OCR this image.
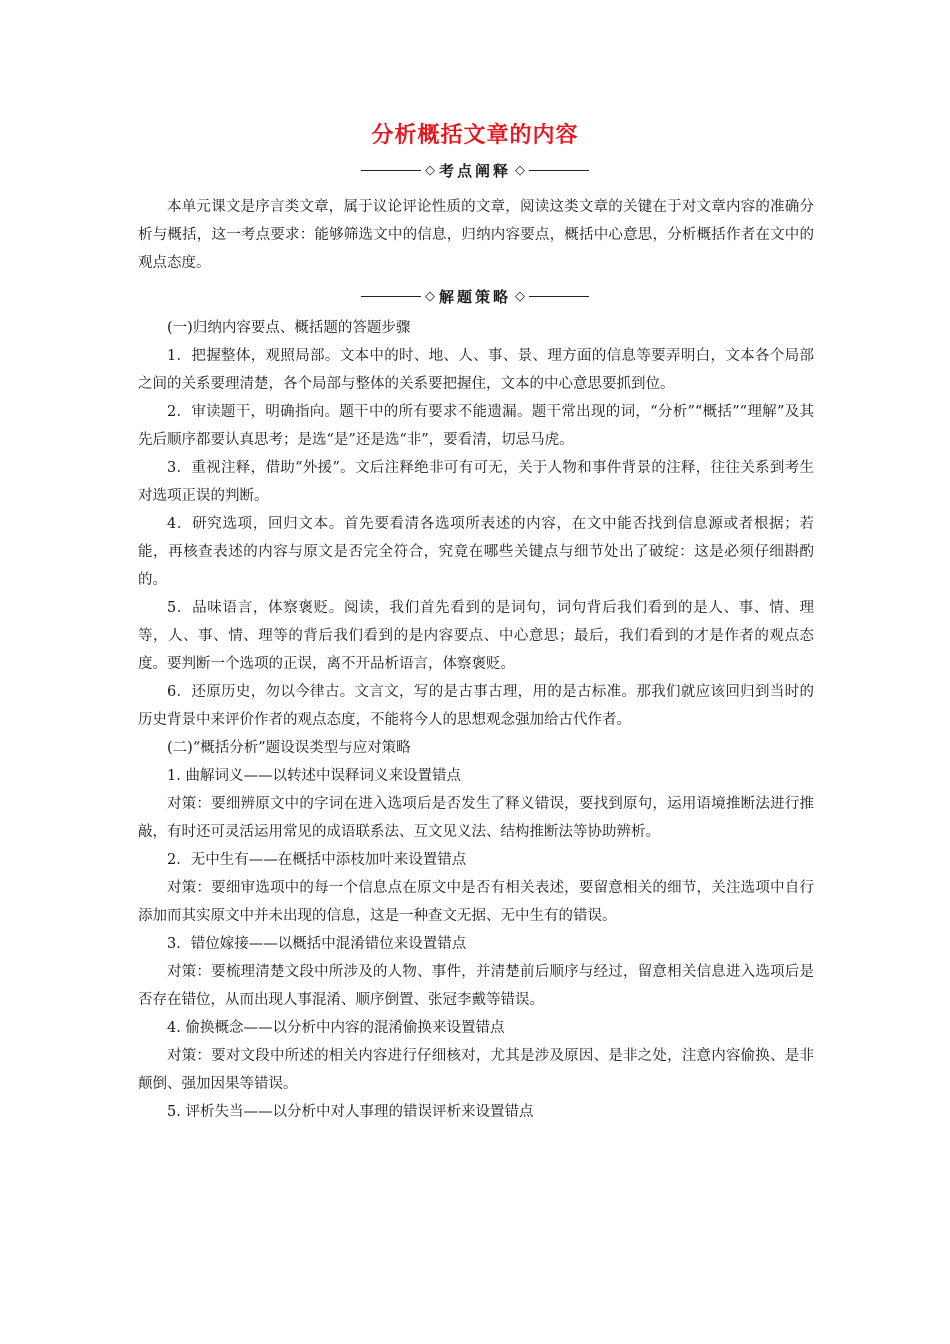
分析概括文章的内容
◇ 考点阐释 ◇

本单元课文是序言类文章，属于议论评论性质的文章，阅读这类文章的关键在于对文章内容的准确分析与概括，这一考点要求：能够筛选文中的信息，归纳内容要点，概括中心意思，分析概括作者在文中的观点态度。

◇ 解题策略 ◇

(一)归纳内容要点、概括题的答题步骤

1．把握整体，观照局部。文本中的时、地、人、事、景、理方面的信息等要弄明白，文本各个局部之间的关系要理清楚，各个局部与整体的关系要把握住，文本的中心意思要抓到位。

2．审读题干，明确指向。题干中的所有要求不能遗漏。题干常出现的词，“分析”“概括”“理解”及其先后顺序都要认真思考；是选“是”还是选“非”，要看清，切忌马虎。

3．重视注释，借助“外援”。文后注释绝非可有可无，关于人物和事件背景的注释，往往关系到考生对选项正误的判断。

4．研究选项，回归文本。首先要看清各选项所表述的内容，在文中能否找到信息源或者根据；若能，再核查表述的内容与原文是否完全符合，究竟在哪些关键点与细节处出了破绽：这是必须仔细斟酌的。

5．品味语言，体察褒贬。阅读，我们首先看到的是词句，词句背后我们看到的是人、事、情、理等，人、事、情、理等的背后我们看到的是内容要点、中心意思；最后，我们看到的才是作者的观点态度。要判断一个选项的正误，离不开品析语言，体察褒贬。

6．还原历史，勿以今律古。文言文，写的是古事古理，用的是古标准。那我们就应该回归到当时的历史背景中来评价作者的观点态度，不能将今人的思想观念强加给古代作者。

(二)“概括分析”题设误类型与应对策略

1. 曲解词义——以转述中误释词义来设置错点

对策：要细辨原文中的字词在进入选项后是否发生了释义错误，要找到原句，运用语境推断法进行推敲，有时还可灵活运用常见的成语联系法、互文见义法、结构推断法等协助辨析。

2．无中生有——在概括中添枝加叶来设置错点

对策：要细审选项中的每一个信息点在原文中是否有相关表述，要留意相关的细节，关注选项中自行添加而其实原文中并未出现的信息，这是一种查文无据、无中生有的错误。

3．错位嫁接——以概括中混淆错位来设置错点

对策：要梳理清楚文段中所涉及的人物、事件，并清楚前后顺序与经过，留意相关信息进入选项后是否存在错位，从而出现人事混淆、顺序倒置、张冠李戴等错误。

4. 偷换概念——以分析中内容的混淆偷换来设置错点

对策：要对文段中所述的相关内容进行仔细核对，尤其是涉及原因、是非之处，注意内容偷换、是非颠倒、强加因果等错误。

5. 评析失当——以分析中对人事理的错误评析来设置错点
